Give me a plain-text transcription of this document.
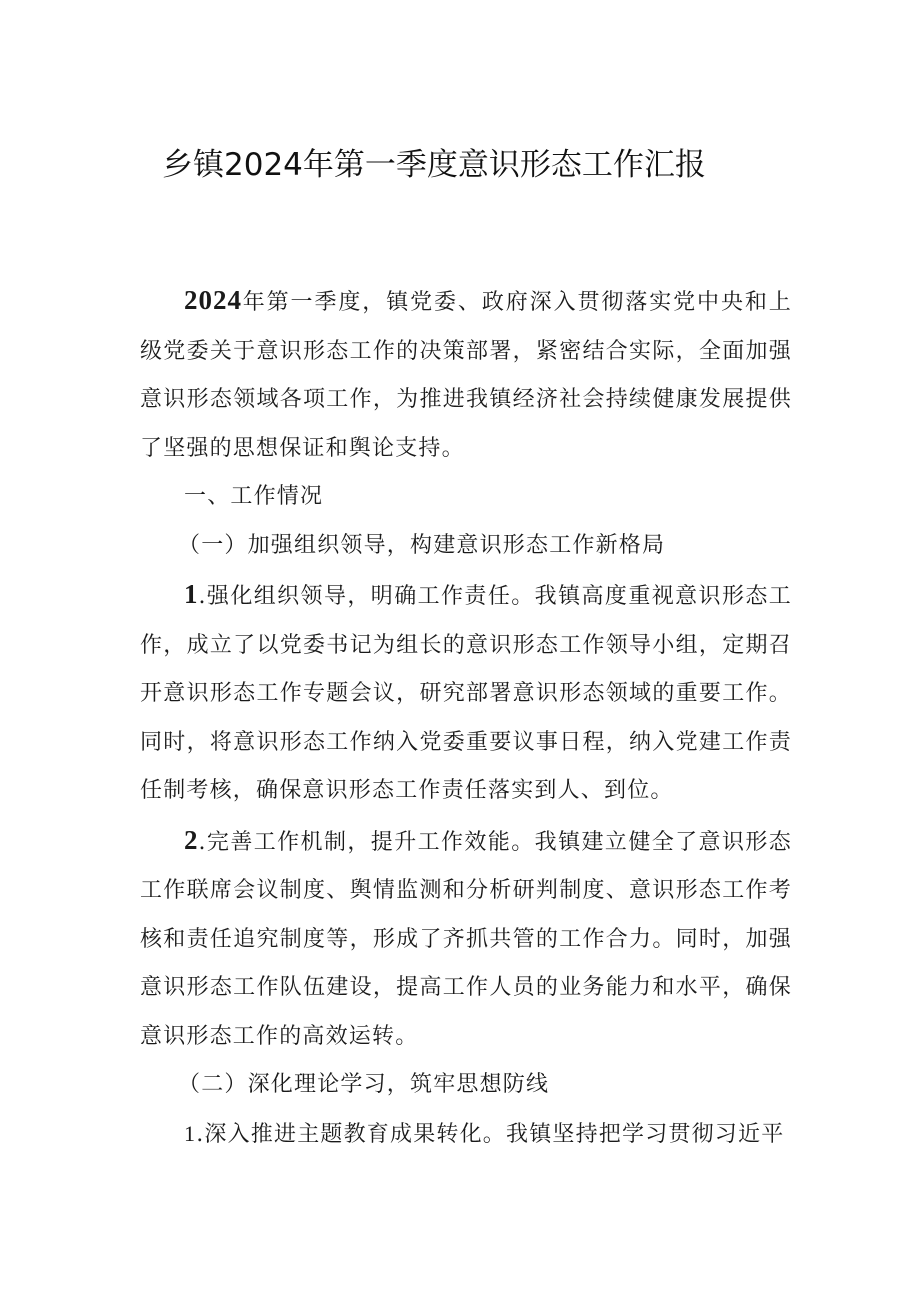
乡镇2024年第一季度意识形态工作汇报

2024年第一季度，镇党委、政府深入贯彻落实党中央和上级党委关于意识形态工作的决策部署，紧密结合实际，全面加强意识形态领域各项工作，为推进我镇经济社会持续健康发展提供了坚强的思想保证和舆论支持。

一、工作情况

（一）加强组织领导，构建意识形态工作新格局

1.强化组织领导，明确工作责任。我镇高度重视意识形态工作，成立了以党委书记为组长的意识形态工作领导小组，定期召开意识形态工作专题会议，研究部署意识形态领域的重要工作。同时，将意识形态工作纳入党委重要议事日程，纳入党建工作责任制考核，确保意识形态工作责任落实到人、到位。

2.完善工作机制，提升工作效能。我镇建立健全了意识形态工作联席会议制度、舆情监测和分析研判制度、意识形态工作考核和责任追究制度等，形成了齐抓共管的工作合力。同时，加强意识形态工作队伍建设，提高工作人员的业务能力和水平，确保意识形态工作的高效运转。

（二）深化理论学习，筑牢思想防线

1.深入推进主题教育成果转化。我镇坚持把学习贯彻习近平
